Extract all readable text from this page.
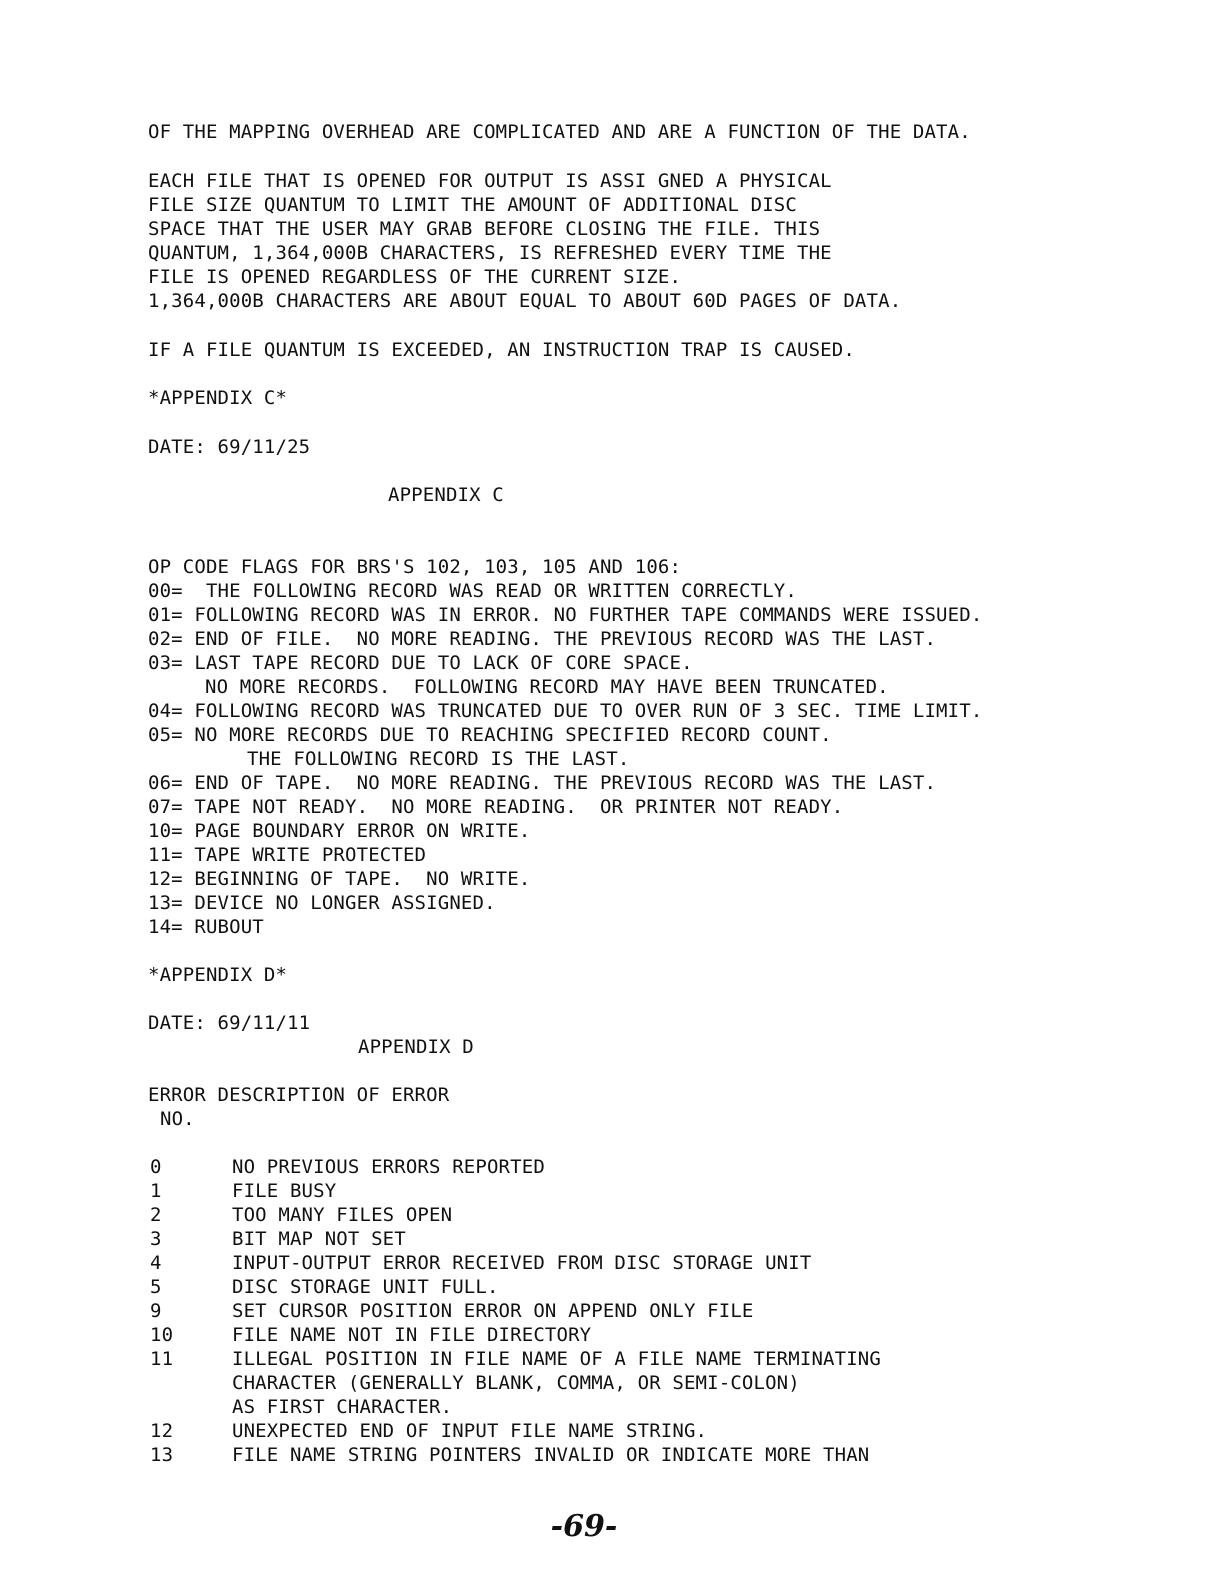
OF THE MAPPING OVERHEAD ARE COMPLICATED AND ARE A FUNCTION OF THE DATA.
EACH FILE THAT IS OPENED FOR OUTPUT IS ASSI GNED A PHYSICAL
FILE SIZE QUANTUM TO LIMIT THE AMOUNT OF ADDITIONAL DISC
SPACE THAT THE USER MAY GRAB BEFORE CLOSING THE FILE. THIS
QUANTUM, 1,364,000B CHARACTERS, IS REFRESHED EVERY TIME THE
FILE IS OPENED REGARDLESS OF THE CURRENT SIZE.
1,364,000B CHARACTERS ARE ABOUT EQUAL TO ABOUT 60D PAGES OF DATA.
IF A FILE QUANTUM IS EXCEEDED, AN INSTRUCTION TRAP IS CAUSED.
*APPENDIX C*
DATE: 69/11/25
APPENDIX C
OP CODE FLAGS FOR BRS'S 102, 103, 105 AND 106:
00=  THE FOLLOWING RECORD WAS READ OR WRITTEN CORRECTLY.
01= FOLLOWING RECORD WAS IN ERROR. NO FURTHER TAPE COMMANDS WERE ISSUED.
02= END OF FILE.  NO MORE READING. THE PREVIOUS RECORD WAS THE LAST.
03= LAST TAPE RECORD DUE TO LACK OF CORE SPACE.
NO MORE RECORDS.  FOLLOWING RECORD MAY HAVE BEEN TRUNCATED.
04= FOLLOWING RECORD WAS TRUNCATED DUE TO OVER RUN OF 3 SEC. TIME LIMIT.
05= NO MORE RECORDS DUE TO REACHING SPECIFIED RECORD COUNT.
THE FOLLOWING RECORD IS THE LAST.
06= END OF TAPE.  NO MORE READING. THE PREVIOUS RECORD WAS THE LAST.
07= TAPE NOT READY.  NO MORE READING.  OR PRINTER NOT READY.
10= PAGE BOUNDARY ERROR ON WRITE.
11= TAPE WRITE PROTECTED
12= BEGINNING OF TAPE.  NO WRITE.
13= DEVICE NO LONGER ASSIGNED.
14= RUBOUT
*APPENDIX D*
DATE: 69/11/11
APPENDIX D
ERROR DESCRIPTION OF ERROR
NO.
0	NO PREVIOUS ERRORS REPORTED
1	FILE BUSY
2	TOO MANY FILES OPEN
3	BIT MAP NOT SET
4	INPUT-OUTPUT ERROR RECEIVED FROM DISC STORAGE UNIT
5	DISC STORAGE UNIT FULL.
9	SET CURSOR POSITION ERROR ON APPEND ONLY FILE
10	FILE NAME NOT IN FILE DIRECTORY
11	ILLEGAL POSITION IN FILE NAME OF A FILE NAME TERMINATING
CHARACTER (GENERALLY BLANK, COMMA, OR SEMI-COLON)
AS FIRST CHARACTER.
12	UNEXPECTED END OF INPUT FILE NAME STRING.
13	FILE NAME STRING POINTERS INVALID OR INDICATE MORE THAN
-69-
